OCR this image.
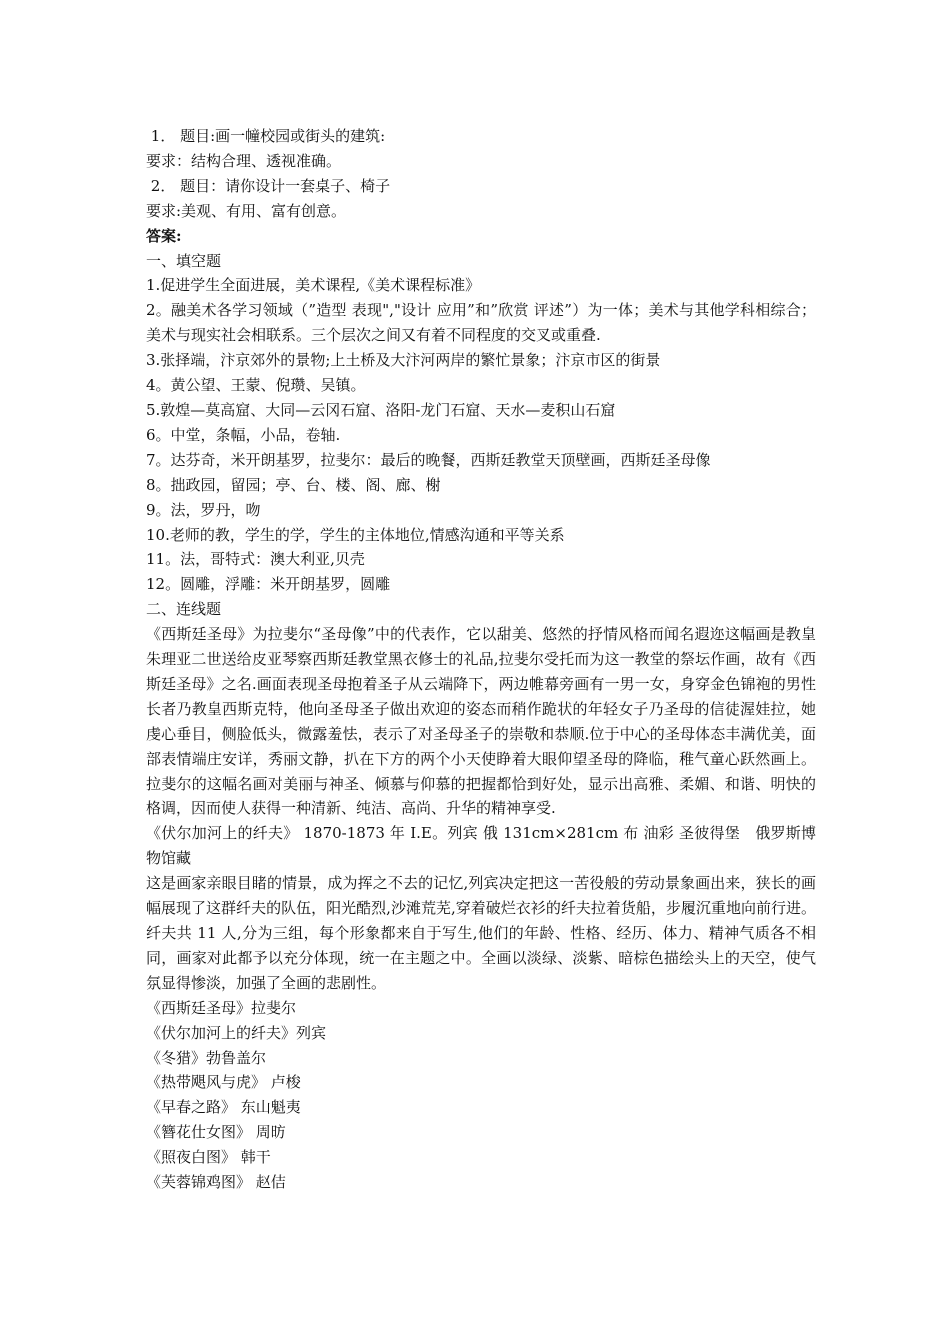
1． 题目:画一幢校园或街头的建筑:

要求：结构合理、透视准确。

2． 题目：请你设计一套桌子、椅子

要求:美观、有用、富有创意。

答案:

一、填空题

1.促进学生全面进展，美术课程,《美术课程标准》

2。融美术各学习领域（”造型 表现","设计 应用”和”欣赏 评述”）为一体；美术与其他学科相综合；美术与现实社会相联系。三个层次之间又有着不同程度的交叉或重叠.

3.张择端，汴京郊外的景物;上土桥及大汴河两岸的繁忙景象；汴京市区的街景

4。黄公望、王蒙、倪瓒、吴镇。

5.敦煌—莫高窟、大同—云冈石窟、洛阳-龙门石窟、天水—麦积山石窟

6。中堂，条幅，小品，卷轴.

7。达芬奇，米开朗基罗，拉斐尔：最后的晚餐，西斯廷教堂天顶壁画，西斯廷圣母像

8。拙政园，留园；亭、台、楼、阁、廊、榭

9。法，罗丹，吻

10.老师的教，学生的学，学生的主体地位,情感沟通和平等关系

11。法，哥特式：澳大利亚,贝壳

12。圆雕，浮雕：米开朗基罗，圆雕

二、连线题

《西斯廷圣母》为拉斐尔“圣母像”中的代表作，它以甜美、悠然的抒情风格而闻名遐迩这幅画是教皇朱理亚二世送给皮亚琴察西斯廷教堂黑衣修士的礼品,拉斐尔受托而为这一教堂的祭坛作画，故有《西斯廷圣母》之名.画面表现圣母抱着圣子从云端降下，两边帷幕旁画有一男一女，身穿金色锦袍的男性长者乃教皇西斯克特，他向圣母圣子做出欢迎的姿态而稍作跪状的年轻女子乃圣母的信徒渥娃拉，她虔心垂目，侧脸低头，微露羞怯，表示了对圣母圣子的崇敬和恭顺.位于中心的圣母体态丰满优美，面部表情端庄安详，秀丽文静，扒在下方的两个小天使睁着大眼仰望圣母的降临，稚气童心跃然画上。拉斐尔的这幅名画对美丽与神圣、倾慕与仰慕的把握都恰到好处，显示出高雅、柔媚、和谐、明快的格调，因而使人获得一种清新、纯洁、高尚、升华的精神享受.

《伏尔加河上的纤夫》 1870-1873 年 I.E。列宾 俄 131cm×281cm 布 油彩 圣彼得堡　俄罗斯博物馆藏

这是画家亲眼目睹的情景，成为挥之不去的记忆,列宾决定把这一苦役般的劳动景象画出来，狭长的画幅展现了这群纤夫的队伍，阳光酷烈,沙滩荒芜,穿着破烂衣衫的纤夫拉着货船，步履沉重地向前行进。纤夫共 11 人,分为三组，每个形象都来自于写生,他们的年龄、性格、经历、体力、精神气质各不相同，画家对此都予以充分体现，统一在主题之中。全画以淡绿、淡紫、暗棕色描绘头上的天空，使气氛显得惨淡，加强了全画的悲剧性。

《西斯廷圣母》拉斐尔

《伏尔加河上的纤夫》列宾

《冬猎》勃鲁盖尔

《热带飓风与虎》 卢梭

《早春之路》 东山魁夷

《簪花仕女图》 周昉

《照夜白图》 韩干

《芙蓉锦鸡图》 赵佶
